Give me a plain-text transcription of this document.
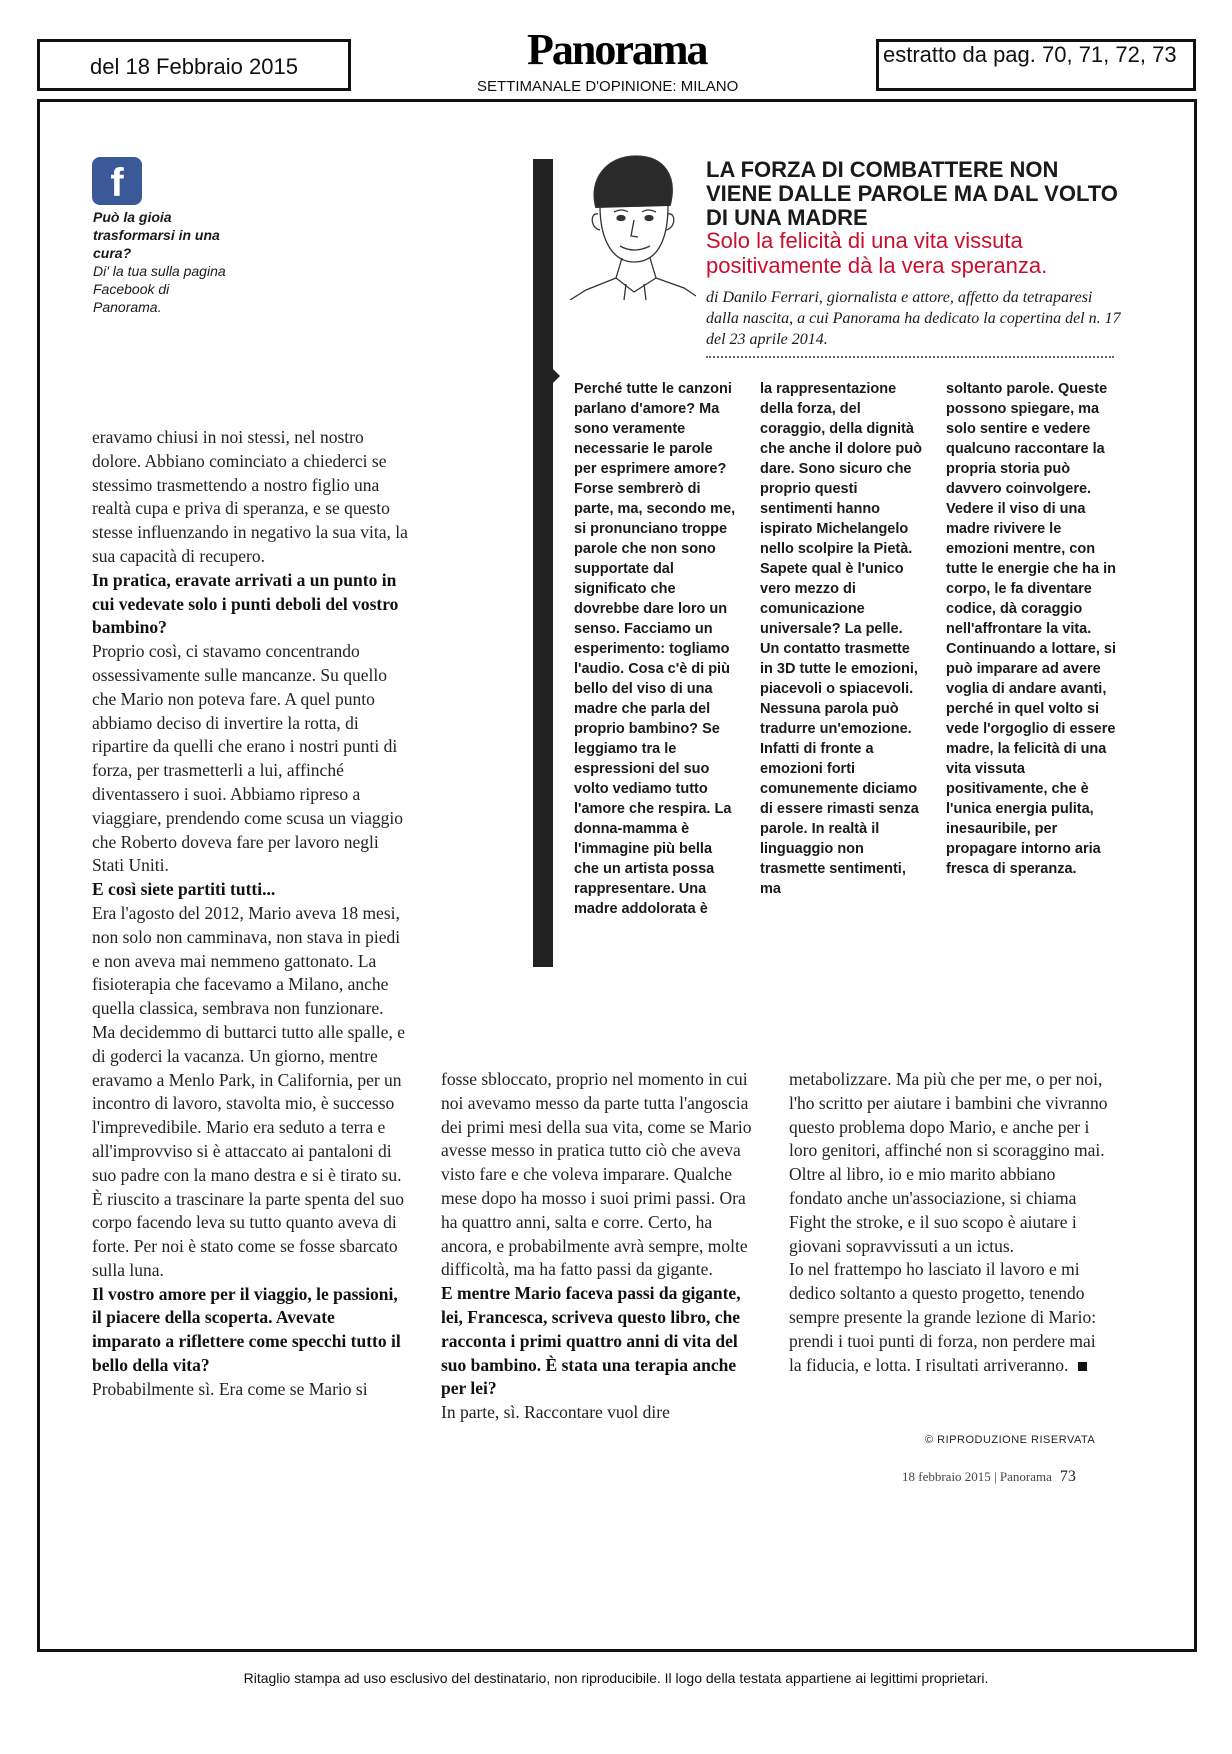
del 18 Febbraio 2015	Panorama
SETTIMANALE D'OPINIONE: MILANO
estratto da pag. 70, 71, 72, 73
f
Può la gioia trasformarsi in una cura?
Di' la tua sulla pagina Facebook di Panorama.
LA FORZA DI COMBATTERE NON VIENE DALLE PAROLE MA DAL VOLTO DI UNA MADRE
Solo la felicità di una vita vissuta positivamente dà la vera speranza.
di Danilo Ferrari, giornalista e attore, affetto da tetraparesi dalla nascita, a cui Panorama ha dedicato la copertina del n. 17 del 23 aprile 2014.

Perché tutte le canzoni parlano d'amore? Ma sono veramente necessarie le parole per esprimere amore? Forse sembrerò di parte, ma, secondo me, si pronunciano troppe parole che non sono supportate dal significato che dovrebbe dare loro un senso. Facciamo un esperimento: togliamo l'audio. Cosa c'è di più bello del viso di una madre che parla del proprio bambino? Se leggiamo tra le espressioni del suo volto vediamo tutto l'amore che respira. La donna-mamma è l'immagine più bella che un artista possa rappresentare. Una madre addolorata è

la rappresentazione della forza, del coraggio, della dignità che anche il dolore può dare. Sono sicuro che proprio questi sentimenti hanno ispirato Michelangelo nello scolpire la Pietà. Sapete qual è l'unico vero mezzo di comunicazione universale? La pelle. Un contatto trasmette in 3D tutte le emozioni, piacevoli o spiacevoli. Nessuna parola può tradurre un'emozione. Infatti di fronte a emozioni forti comunemente diciamo di essere rimasti senza parole. In realtà il linguaggio non trasmette sentimenti, ma

soltanto parole. Queste possono spiegare, ma solo sentire e vedere qualcuno raccontare la propria storia può davvero coinvolgere. Vedere il viso di una madre rivivere le emozioni mentre, con tutte le energie che ha in corpo, le fa diventare codice, dà coraggio nell'affrontare la vita. Continuando a lottare, si può imparare ad avere voglia di andare avanti, perché in quel volto si vede l'orgoglio di essere madre, la felicità di una vita vissuta positivamente, che è l'unica energia pulita, inesauribile, per propagare intorno aria fresca di speranza.

eravamo chiusi in noi stessi, nel nostro dolore. Abbiano cominciato a chiederci se stessimo trasmettendo a nostro figlio una realtà cupa e priva di speranza, e se questo stesse influenzando in negativo la sua vita, la sua capacità di recupero.

In pratica, eravate arrivati a un punto in cui vedevate solo i punti deboli del vostro bambino?

Proprio così, ci stavamo concentrando ossessivamente sulle mancanze. Su quello che Mario non poteva fare. A quel punto abbiamo deciso di invertire la rotta, di ripartire da quelli che erano i nostri punti di forza, per trasmetterli a lui, affinché diventassero i suoi. Abbiamo ripreso a viaggiare, prendendo come scusa un viaggio che Roberto doveva fare per lavoro negli Stati Uniti.

E così siete partiti tutti...

Era l'agosto del 2012, Mario aveva 18 mesi, non solo non camminava, non stava in piedi e non aveva mai nemmeno gattonato. La fisioterapia che facevamo a Milano, anche quella classica, sembrava non funzionare. Ma decidemmo di buttarci tutto alle spalle, e di goderci la vacanza. Un giorno, mentre eravamo a Menlo Park, in California, per un incontro di lavoro, stavolta mio, è successo l'imprevedibile. Mario era seduto a terra e all'improvviso si è attaccato ai pantaloni di suo padre con la mano destra e si è tirato su. È riuscito a trascinare la parte spenta del suo corpo facendo leva su tutto quanto aveva di forte. Per noi è stato come se fosse sbarcato sulla luna.

Il vostro amore per il viaggio, le passioni, il piacere della scoperta. Avevate imparato a riflettere come specchi tutto il bello della vita?

Probabilmente sì. Era come se Mario si

fosse sbloccato, proprio nel momento in cui noi avevamo messo da parte tutta l'angoscia dei primi mesi della sua vita, come se Mario avesse messo in pratica tutto ciò che aveva visto fare e che voleva imparare. Qualche mese dopo ha mosso i suoi primi passi. Ora ha quattro anni, salta e corre. Certo, ha ancora, e probabilmente avrà sempre, molte difficoltà, ma ha fatto passi da gigante.

E mentre Mario faceva passi da gigante, lei, Francesca, scriveva questo libro, che racconta i primi quattro anni di vita del suo bambino. È stata una terapia anche per lei?

In parte, sì. Raccontare vuol dire

metabolizzare. Ma più che per me, o per noi, l'ho scritto per aiutare i bambini che vivranno questo problema dopo Mario, e anche per i loro genitori, affinché non si scoraggino mai. Oltre al libro, io e mio marito abbiano fondato anche un'associazione, si chiama Fight the stroke, e il suo scopo è aiutare i giovani sopravvissuti a un ictus.

Io nel frattempo ho lasciato il lavoro e mi dedico soltanto a questo progetto, tenendo sempre presente la grande lezione di Mario: prendi i tuoi punti di forza, non perdere mai la fiducia, e lotta. I risultati arriveranno.

© RIPRODUZIONE RISERVATA
18 febbraio 2015 | Panorama 73
Ritaglio stampa ad uso esclusivo del destinatario, non riproducibile. Il logo della testata appartiene ai legittimi proprietari.
